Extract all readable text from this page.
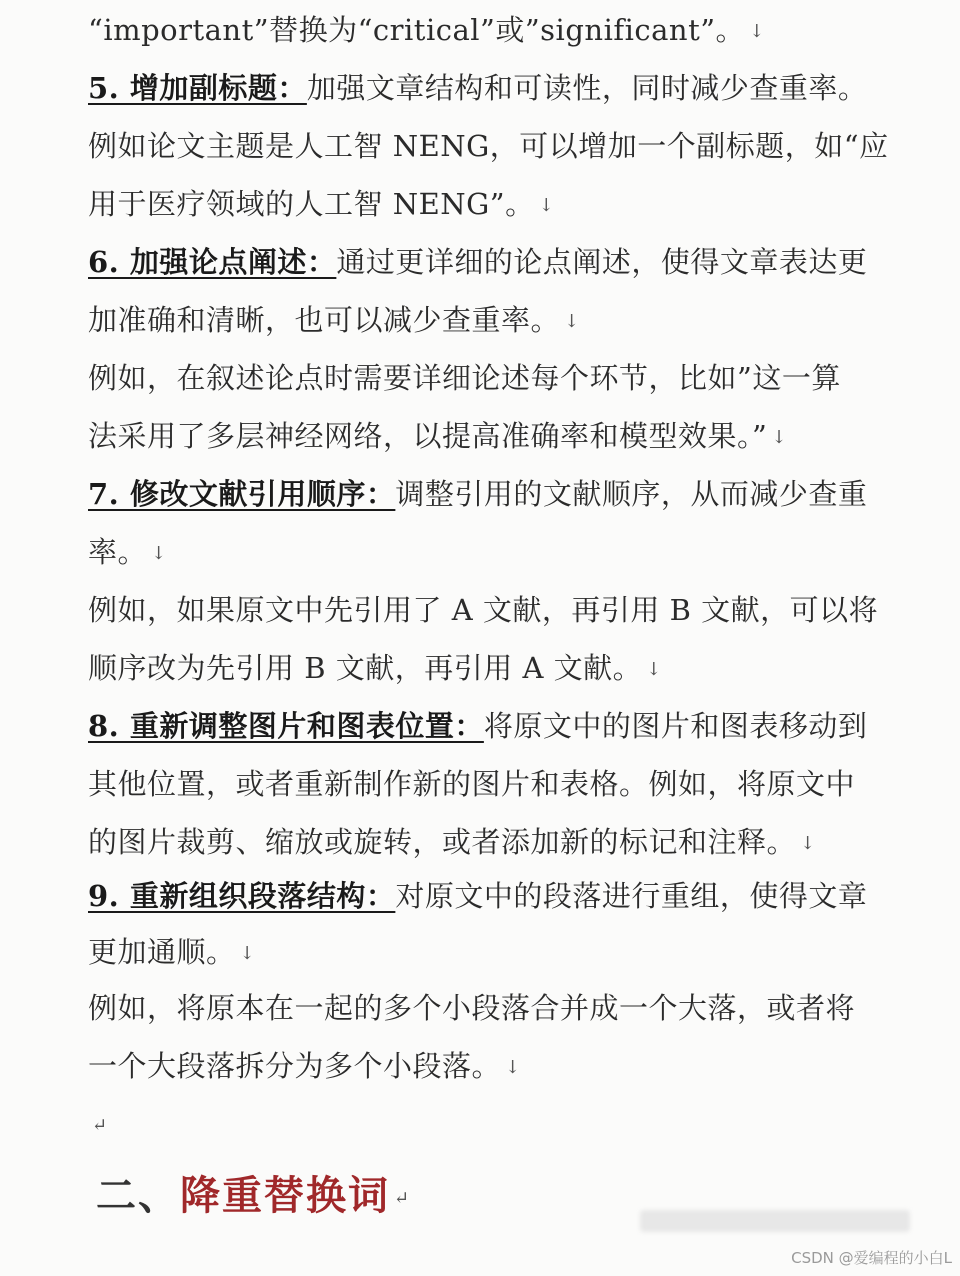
“important”替换为“critical”或”significant”。 ↓
5. 增加副标题：加强文章结构和可读性，同时减少查重率。
例如论文主题是人工智 NENG，可以增加一个副标题，如“应
用于医疗领域的人工智 NENG”。 ↓
6. 加强论点阐述：通过更详细的论点阐述，使得文章表达更
加准确和清晰，也可以减少查重率。 ↓
例如，在叙述论点时需要详细论述每个环节，比如”这一算
法采用了多层神经网络，以提高准确率和模型效果。” ↓
7. 修改文献引用顺序：调整引用的文献顺序，从而减少查重
率。 ↓
例如，如果原文中先引用了 A 文献，再引用 B 文献，可以将
顺序改为先引用 B 文献，再引用 A 文献。 ↓
8. 重新调整图片和图表位置：将原文中的图片和图表移动到
其他位置，或者重新制作新的图片和表格。例如，将原文中
的图片裁剪、缩放或旋转，或者添加新的标记和注释。 ↓
9. 重新组织段落结构：对原文中的段落进行重组，使得文章
更加通顺。 ↓
例如，将原本在一起的多个小段落合并成一个大落，或者将
一个大段落拆分为多个小段落。 ↓
↵
二、降重替换词 ↵
CSDN @爱编程的小白L
